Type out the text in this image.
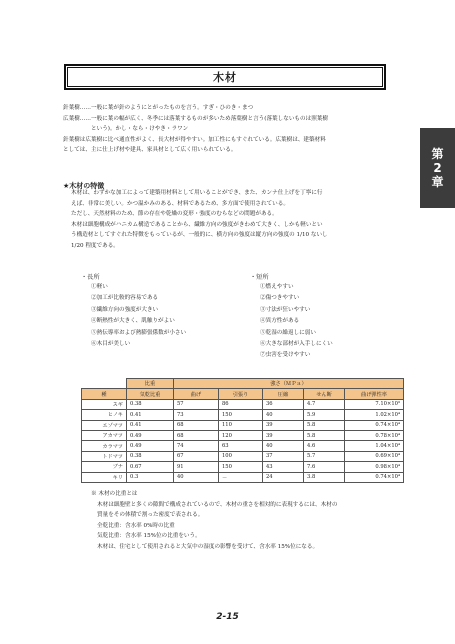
木材

針葉樹……一般に葉が針のようにとがったものを言う。すぎ・ひのき・まつ

広葉樹……一般に葉の幅が広く、冬季には落葉するものが多いため落葉樹と言う(落葉しないものは照葉樹

という)。かし・なら・けやき・ラワン

針葉樹は広葉樹に比べ通直性がよく、長大材が得やすい。加工性にもすぐれている。広葉樹は、建築材料

としては、主に仕上げ材や建具、家具材として広く用いられている。	第
2
章
★木材の特徴

木材は、わずかな加工によって建築用材料として用いることができ、また、カンナ仕上げを丁寧に行

えば、非常に美しい。かつ温かみのある、材料であるため、多方面で使用されている。

ただし、天然材料のため、節の存在や乾燥の変形・強度のむらなどの問題がある。

木材は細胞構成がハニカム構造であることから、繊維方向の強度がきわめて大きく、しかも軽いとい

う構造材としてすぐれた特徴をもっているが、一般的に、横方向の強度は縦方向の強度の 1/10 ないし

1/20 程度である。

・長所
①軽い
②加工が比較的容易である
③繊維方向の強度が大きい
④断熱性が大きく、肌触りがよい
⑤熱伝導率および熱膨張係数が小さい
⑥木目が美しい
・短所
①燃えやすい
②傷つきやすい
③寸法が狂いやすい
④異方性がある
⑤乾湿の繰返しに弱い
⑥大きな部材が入手しにくい
⑦虫害を受けやすい
	比重	強さ（ＭＰａ）				
種	気乾比重	曲げ	引張り	圧縮	せん断	曲げ弾性率
スギ	0.38	57	86	36	4.7	7.10×10³
ヒノキ	0.41	73	150	40	5.9	1.02×10⁴
エゾマツ	0.41	68	110	39	5.8	0.74×10⁴
アカマツ	0.49	68	120	39	5.8	0.78×10⁴
カラマツ	0.49	74	63	40	4.6	1.04×10⁴
トドマツ	0.38	67	100	37	5.7	0.69×10⁴
ブナ	0.67	91	150	43	7.6	0.98×10⁴
キリ	0.3	40	－	24	3.8	0.74×10⁴

※ 木材の比重とは

木材は細胞壁と多くの隙間で構成されているので、木材の重さを相対的に表現するには、木材の

質量をその体積で割った密度で表される。

全乾比重：含水率 0%時の比重

気乾比重：含水率 15%位の比重をいう。

木材は、住宅として使用されると大気中の湿度の影響を受けて、含水率 15%位になる。

2-15
